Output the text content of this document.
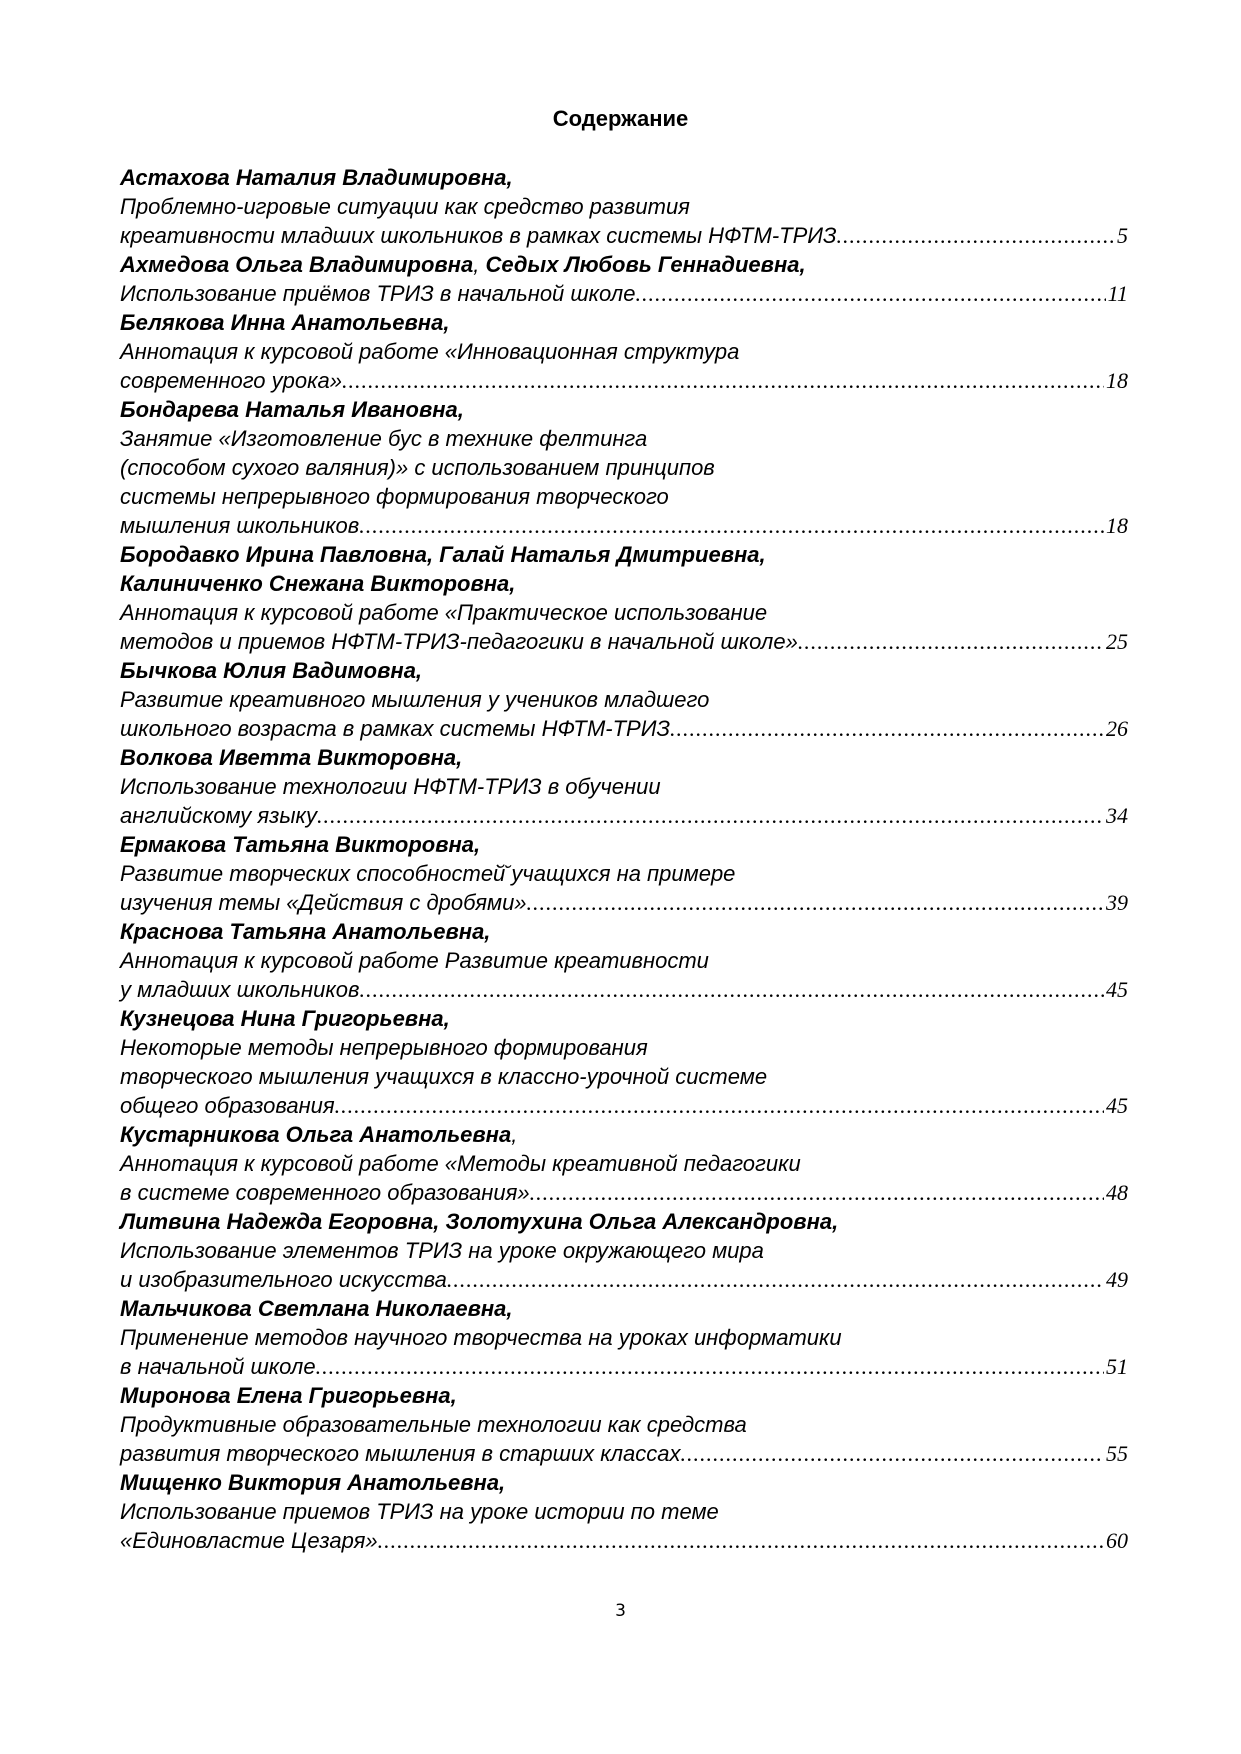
Содержание
Астахова Наталия Владимировна,
Проблемно-игровые ситуации как средство развития
креативности младших школьников в рамках системы НФТМ-ТРИЗ .....	5
Ахмедова Ольга Владимировна, Седых Любовь Геннадиевна,
Использование приёмов ТРИЗ в начальной школе .....	11
Белякова Инна Анатольевна,
Аннотация к курсовой работе «Инновационная структура
современного урока» .....	18
Бондарева Наталья Ивановна,
Занятие «Изготовление бус в технике фелтинга
(способом сухого валяния)» с использованием принципов
системы непрерывного формирования творческого
мышления школьников .....	18
Бородавко Ирина Павловна, Галай Наталья Дмитриевна,
Калиниченко Снежана Викторовна,
Аннотация к курсовой работе «Практическое использование
методов и приемов НФТМ-ТРИЗ-педагогики в начальной школе» .....	25
Бычкова Юлия Вадимовна,
Развитие креативного мышления у учеников младшего
школьного возраста в рамках системы НФТМ-ТРИЗ .....	26
Волкова Иветта Викторовна,
Использование технологии НФТМ-ТРИЗ в обучении
английскому языку .....	34
Ермакова Татьяна Викторовна,
Развитие творческих способностей̆ учащихся на примере
изучения темы «Действия с дробями» .....	39
Краснова Татьяна Анатольевна,
Аннотация к курсовой работе Развитие креативности
у младших школьников .....	45
Кузнецова Нина Григорьевна,
Некоторые методы непрерывного формирования
творческого мышления учащихся в классно-урочной системе
общего образования .....	45
Кустарникова Ольга Анатольевна,
Аннотация к курсовой работе «Методы креативной педагогики
в системе современного образования» .....	48
Литвина Надежда Егоровна, Золотухина Ольга Александровна,
Использование элементов ТРИЗ на уроке окружающего мира
и изобразительного искусства .....	49
Мальчикова Светлана Николаевна,
Применение методов научного творчества на уроках информатики
в начальной школе .....	51
Миронова Елена Григорьевна,
Продуктивные образовательные технологии как средства
развития творческого мышления в старших классах .....	55
Мищенко Виктория Анатольевна,
Использование приемов ТРИЗ на уроке истории по теме
«Единовластие Цезаря» .....	60
3
